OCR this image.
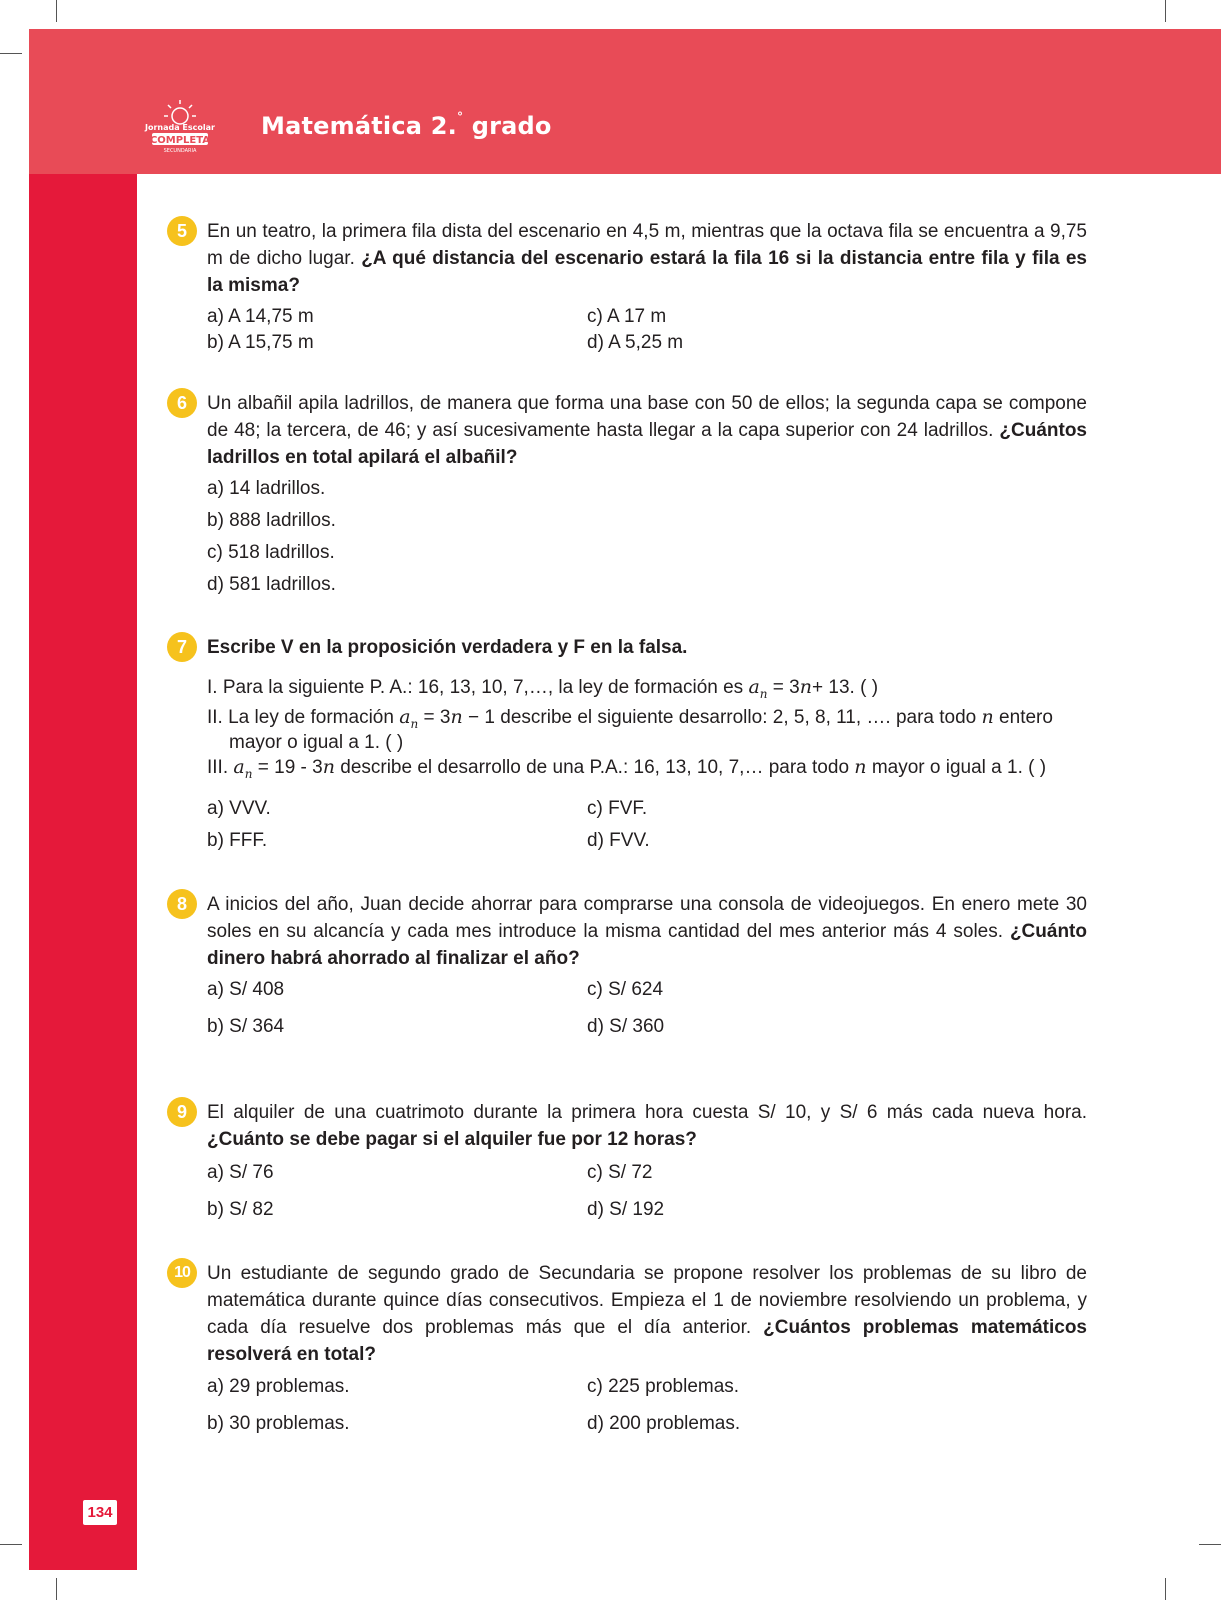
Jornada Escolar
COMPLETA
SECUNDARIA
Matemática 2.° grado
134
5	En un teatro, la primera fila dista del escenario en 4,5 m, mientras que la octava fila se encuentra a 9,75 m de dicho lugar. ¿A qué distancia del escenario estará la fila 16 si la distancia entre fila y fila es la misma?
a) A 14,75 m
b) A 15,75 m
c) A 17 m
d) A 5,25 m
6	Un albañil apila ladrillos, de manera que forma una base con 50 de ellos; la segunda capa se compone de 48; la tercera, de 46; y así sucesivamente hasta llegar a la capa superior con 24 ladrillos. ¿Cuántos ladrillos en total apilará el albañil?
a) 14 ladrillos.
b) 888 ladrillos.
c) 518 ladrillos.
d) 581 ladrillos.
7	Escribe V en la proposición verdadera y F en la falsa.
I. Para la siguiente P. A.: 16, 13, 10, 7,…, la ley de formación es $a_n = 3n+ 13$. ( )
II. La ley de formación $a_n = 3n - 1$ describe el siguiente desarrollo: 2, 5, 8, 11, …. para todo n entero
mayor o igual a 1. ( )
III. $a_n = 19 - 3n$ describe el desarrollo de una P.A.: 16, 13, 10, 7,… para todo n mayor o igual a 1. ( )
a) VVV.
b) FFF.
c) FVF.
d) FVV.
8	A inicios del año, Juan decide ahorrar para comprarse una consola de videojuegos. En enero mete 30 soles en su alcancía y cada mes introduce la misma cantidad del mes anterior más 4 soles. ¿Cuánto dinero habrá ahorrado al finalizar el año?
a) S/ 408
b) S/ 364
c) S/ 624
d) S/ 360
9	El alquiler de una cuatrimoto durante la primera hora cuesta S/ 10, y S/ 6 más cada nueva hora. ¿Cuánto se debe pagar si el alquiler fue por 12 horas?
a) S/ 76
b) S/ 82
c) S/ 72
d) S/ 192
10 Un estudiante de segundo grado de Secundaria se propone resolver los problemas de su libro de matemática durante quince días consecutivos. Empieza el 1 de noviembre resolviendo un problema, y cada día resuelve dos problemas más que el día anterior. ¿Cuántos problemas matemáticos resolverá en total?
a) 29 problemas.
b) 30 problemas.
c) 225 problemas.
d) 200 problemas.
